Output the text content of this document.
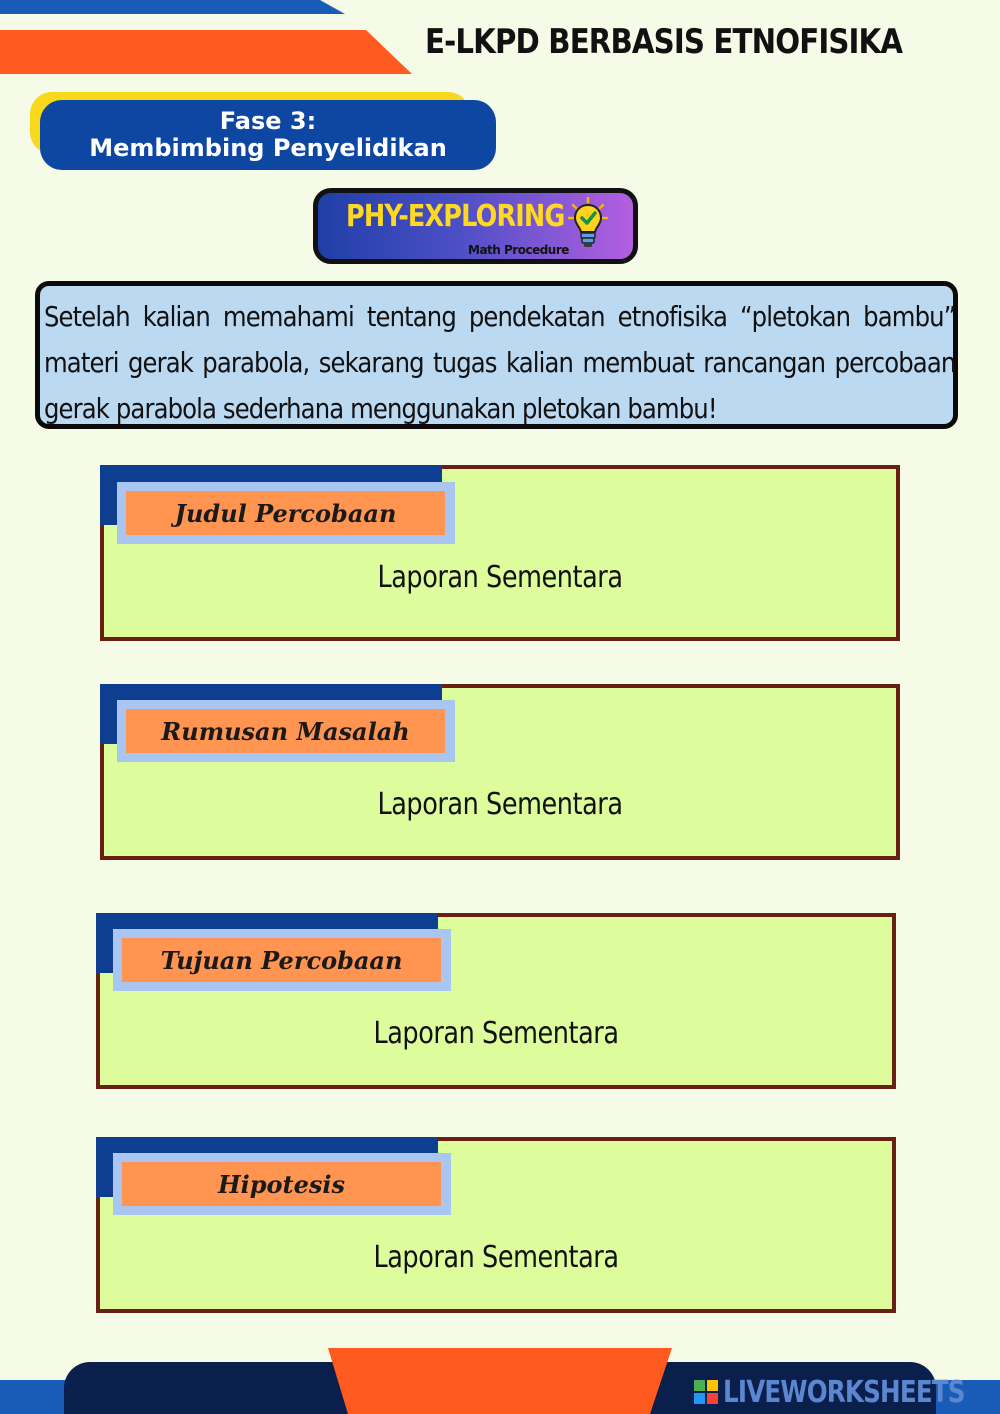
E-LKPD BERBASIS ETNOFISIKA
Fase 3:
Membimbing Penyelidikan
PHY-EXPLORING
Math Procedure
Setelah kalian memahami tentang pendekatan etnofisika “pletokan bambu” materi gerak parabola, sekarang tugas kalian membuat rancangan percobaan gerak parabola sederhana menggunakan pletokan bambu!
Judul Percobaan
Laporan Sementara
Rumusan Masalah
Laporan Sementara
Tujuan Percobaan
Laporan Sementara
Hipotesis
Laporan Sementara
LIVEWORKSHEETS
